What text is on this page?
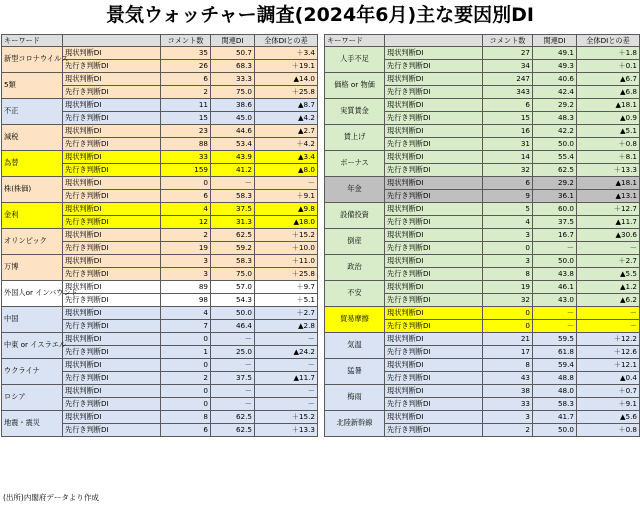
景気ウォッチャー調査(2024年6月)主な要因別DI
キーワード		コメント数	関連DI	全体DIとの差
新型コロナウイルス	現状判断DI	35	50.7	＋3.4
	先行き判断DI	26	68.3	＋19.1
5類	現状判断DI	6	33.3	▲14.0
	先行き判断DI	2	75.0	＋25.8
不正	現状判断DI	11	38.6	▲8.7
	先行き判断DI	15	45.0	▲4.2
減税	現状判断DI	23	44.6	▲2.7
	先行き判断DI	88	53.4	＋4.2
為替	現状判断DI	33	43.9	▲3.4
	先行き判断DI	159	41.2	▲8.0
株(株価)	現状判断DI	0	－	－
	先行き判断DI	6	58.3	＋9.1
金利	現状判断DI	4	37.5	▲9.8
	先行き判断DI	12	31.3	▲18.0
オリンピック	現状判断DI	2	62.5	＋15.2
	先行き判断DI	19	59.2	＋10.0
万博	現状判断DI	3	58.3	＋11.0
	先行き判断DI	3	75.0	＋25.8
外国人or インバウンド	現状判断DI	89	57.0	＋9.7
	先行き判断DI	98	54.3	＋5.1
中国	現状判断DI	4	50.0	＋2.7
	先行き判断DI	7	46.4	▲2.8
中東 or イスラエル	現状判断DI	0	－	－
	先行き判断DI	1	25.0	▲24.2
ウクライナ	現状判断DI	0	－	－
	先行き判断DI	2	37.5	▲11.7
ロシア	現状判断DI	0	－	－
	先行き判断DI	0	－	－
地震・震災	現状判断DI	8	62.5	＋15.2
	先行き判断DI	6	62.5	＋13.3
キーワード		コメント数	関連DI	全体DIとの差
人手不足	現状判断DI	27	49.1	＋1.8
	先行き判断DI	34	49.3	＋0.1
価格 or 物価	現状判断DI	247	40.6	▲6.7
	先行き判断DI	343	42.4	▲6.8
実質賃金	現状判断DI	6	29.2	▲18.1
	先行き判断DI	15	48.3	▲0.9
賃上げ	現状判断DI	16	42.2	▲5.1
	先行き判断DI	31	50.0	＋0.8
ボーナス	現状判断DI	14	55.4	＋8.1
	先行き判断DI	32	62.5	＋13.3
年金	現状判断DI	6	29.2	▲18.1
	先行き判断DI	9	36.1	▲13.1
設備投資	現状判断DI	5	60.0	＋12.7
	先行き判断DI	4	37.5	▲11.7
倒産	現状判断DI	3	16.7	▲30.6
	先行き判断DI	0	－	－
政治	現状判断DI	3	50.0	＋2.7
	先行き判断DI	8	43.8	▲5.5
不安	現状判断DI	19	46.1	▲1.2
	先行き判断DI	32	43.0	▲6.2
貿易摩擦	現状判断DI	0	－	－
	先行き判断DI	0	－	－
気温	現状判断DI	21	59.5	＋12.2
	先行き判断DI	17	61.8	＋12.6
猛暑	現状判断DI	8	59.4	＋12.1
	先行き判断DI	43	48.8	▲0.4
梅雨	現状判断DI	38	48.0	＋0.7
	先行き判断DI	33	58.3	＋9.1
北陸新幹線	現状判断DI	3	41.7	▲5.6
	先行き判断DI	2	50.0	＋0.8
(出所)内閣府データより作成
